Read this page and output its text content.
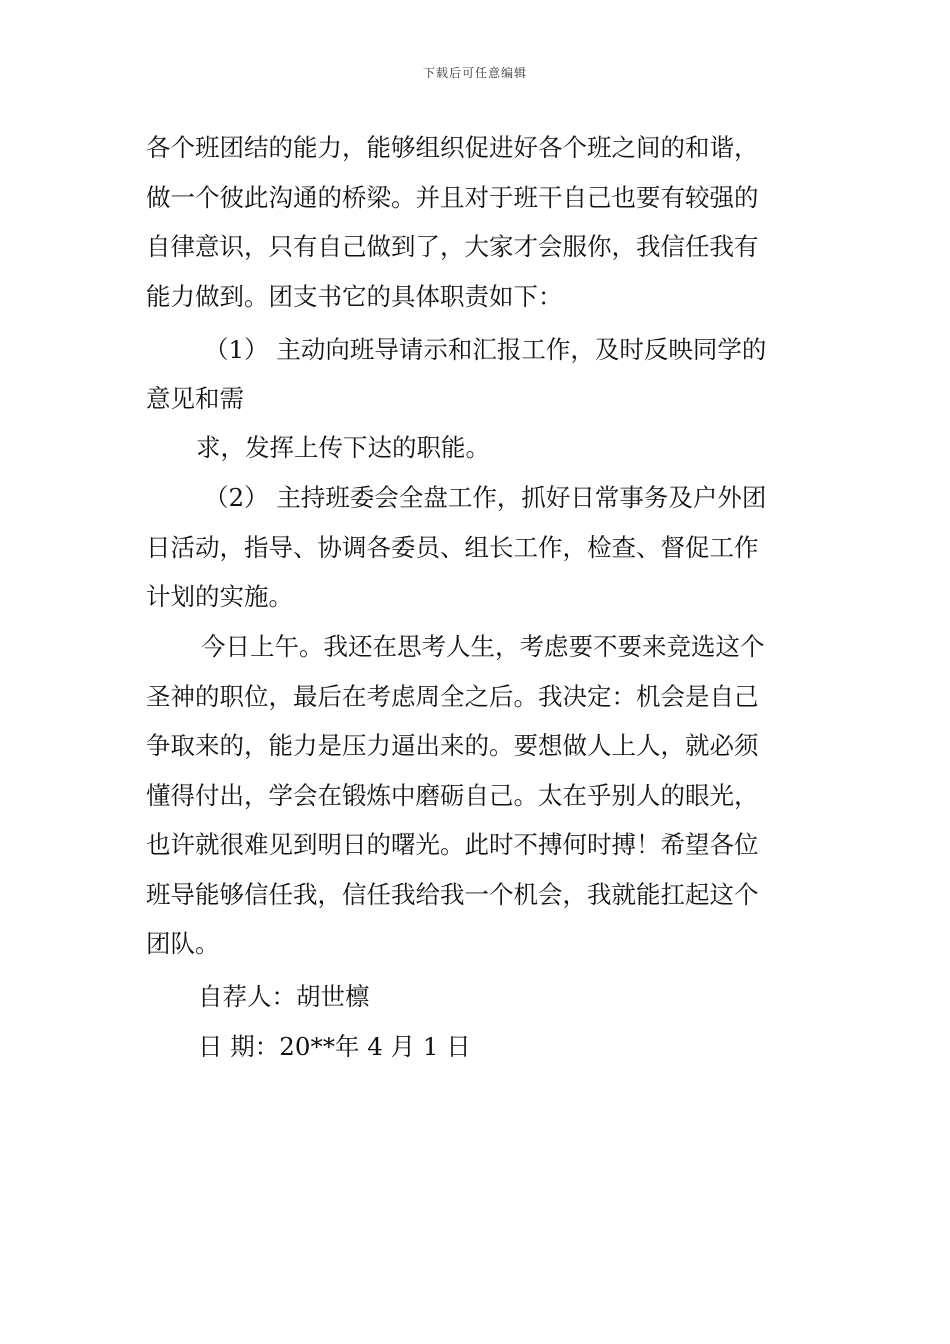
下载后可任意编辑
各个班团结的能力，能够组织促进好各个班之间的和谐，
做一个彼此沟通的桥梁。并且对于班干自己也要有较强的
自律意识，只有自己做到了，大家才会服你，我信任我有
能力做到。团支书它的具体职责如下：
（1） 主动向班导请示和汇报工作，及时反映同学的
意见和需
求，发挥上传下达的职能。
（2） 主持班委会全盘工作，抓好日常事务及户外团
日活动，指导、协调各委员、组长工作，检查、督促工作
计划的实施。
今日上午。我还在思考人生，考虑要不要来竞选这个
圣神的职位，最后在考虑周全之后。我决定：机会是自己
争取来的，能力是压力逼出来的。要想做人上人，就必须
懂得付出，学会在锻炼中磨砺自己。太在乎别人的眼光，
也许就很难见到明日的曙光。此时不搏何时搏！希望各位
班导能够信任我，信任我给我一个机会，我就能扛起这个
团队。
自荐人：胡世檩
日 期：20**年 4 月 1 日
